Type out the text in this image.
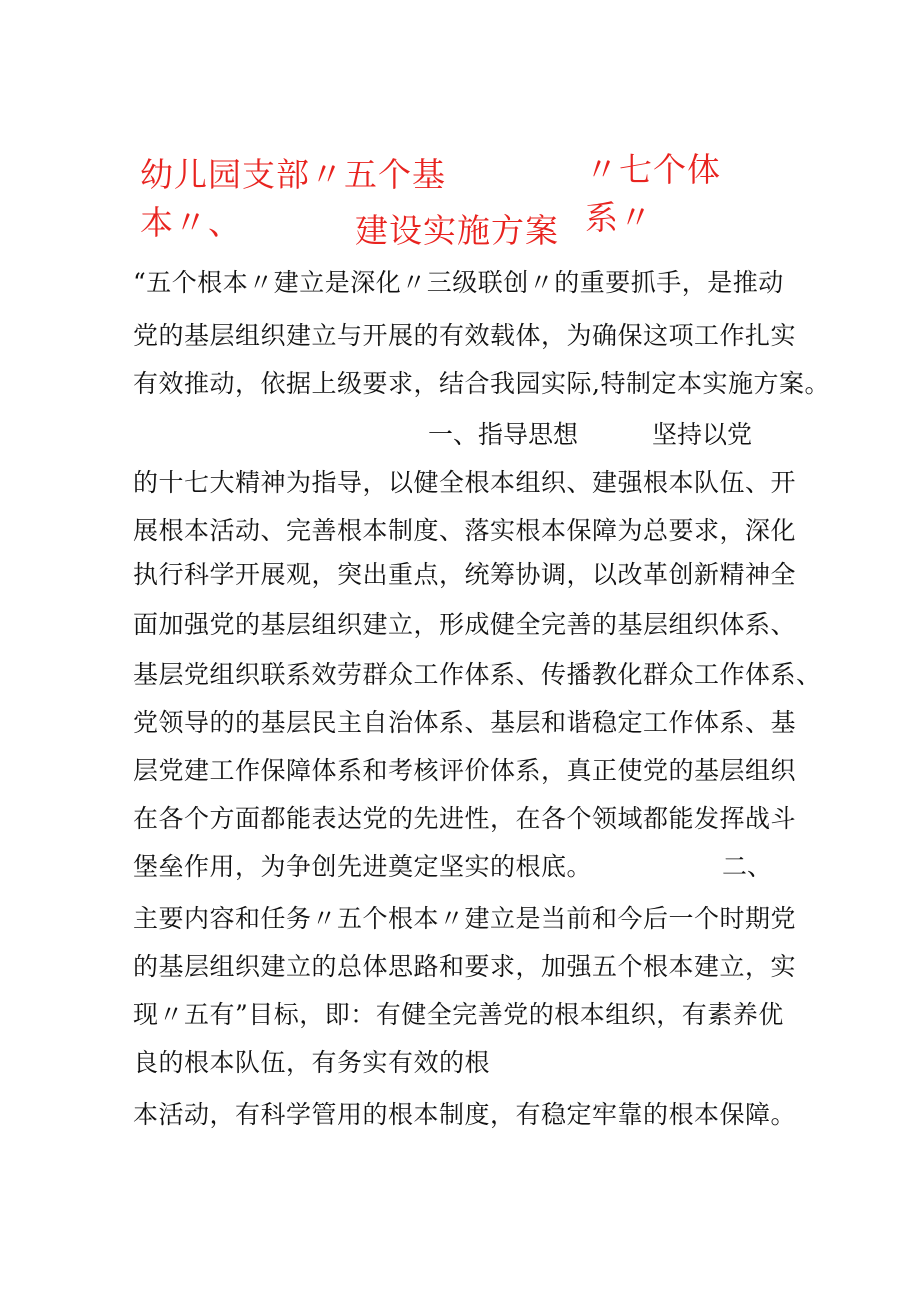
幼儿园支部〃五个基	〃七个体
本〃、	建设实施方案 系〃
“五个根本〃建立是深化〃三级联创〃的重要抓手，是推动
党的基层组织建立与开展的有效载体，为确保这项工作扎实
有效推动，依据上级要求，结合我园实际,特制定本实施方案。
一、指导思想	坚持以党
的十七大精神为指导，以健全根本组织、建强根本队伍、开
展根本活动、完善根本制度、落实根本保障为总要求，深化
执行科学开展观，突出重点，统筹协调，以改革创新精神全
面加强党的基层组织建立，形成健全完善的基层组织体系、
基层党组织联系效劳群众工作体系、传播教化群众工作体系、
党领导的的基层民主自治体系、基层和谐稳定工作体系、基
层党建工作保障体系和考核评价体系，真正使党的基层组织
在各个方面都能表达党的先进性，在各个领域都能发挥战斗
堡垒作用，为争创先进奠定坚实的根底。	二、
主要内容和任务〃五个根本〃建立是当前和今后一个时期党
的基层组织建立的总体思路和要求，加强五个根本建立，实
现〃五有”目标，即：有健全完善党的根本组织，有素养优
良的根本队伍，有务实有效的根
本活动，有科学管用的根本制度，有稳定牢靠的根本保障。
